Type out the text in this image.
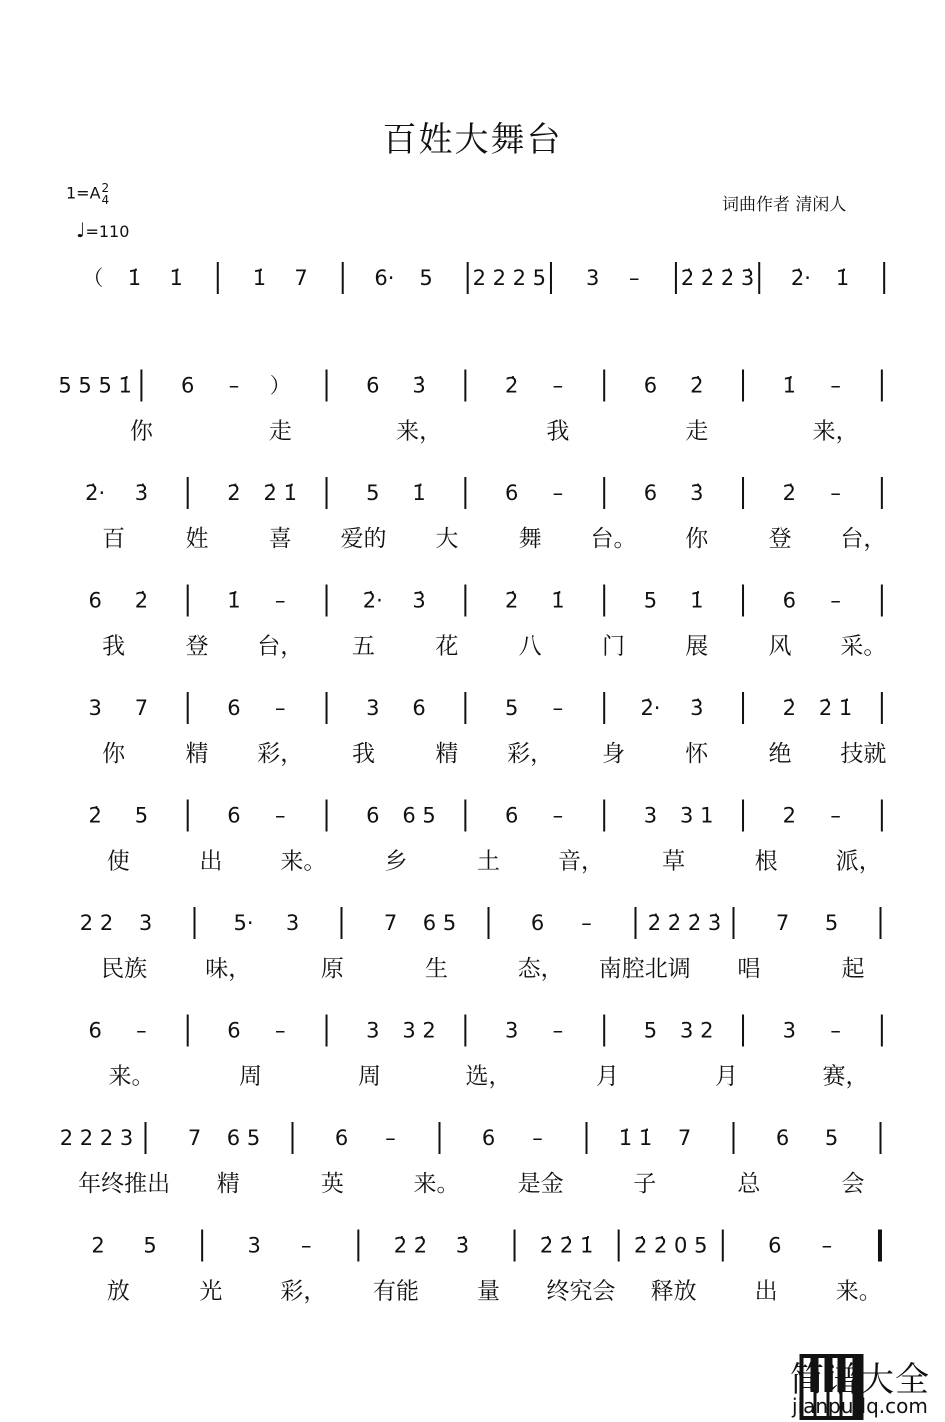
百姓大舞台
1=A2
4
♩=110
词曲作者 清闲人
（ 1̇ 1̇	1̇ 7	6· 5 2 2 2 5 3 – 2̇ 2̇ 2̇ 3̇ 2̇· 1̇
5 5 5 1̇ 6 – ）	6 3̇	2̇ –	6 2̇	1̇ –
你	走	来，	我	走	来，
2̇· 3̇	2̇ 2̇ 1̇	5 1̇	6 –	6 3̇	2̇ –
百	姓	喜 爱的 大	舞 台。 你	登 台，
6 2̇	1̇ –	2̇· 3̇	2̇ 1̇	5 1̇	6 –
我	登 台， 五	花	八	门	展	风 采。
3 7	6 –	3 6	5 –	2̇· 3̇	2̇ 2̇ 1̇
你	精 彩， 我	精 彩， 身	怀	绝 技就
2̇ 5	6 –	6 6 5	6 –	3 3 1	2 –
使	出	来。	乡	土	音，	草	根	派，
2 2 3	5· 3	7 6 5	6 –	2̇ 2̇ 2̇ 3̇	7 5
民族	味，	原	生	态， 南腔北调 唱	起
6 –	6 –	3 3 2	3 –	5 3 2	3 –
来。	周	周	选，	月	月	赛，
2 2 2 3	7 6 5	6 –	6 –	1̇ 1̇ 7	6 5
年终推出 精	英	来。	是金	子	总	会
2 5	3 –	2̇ 2̇ 3̇	2̇ 2̇ 1̇ 2̇ 2̇ 0 5	6 –
放	光	彩， 有能	量 终究会 释放	出	来。
简谱大全
jianpudq.com
